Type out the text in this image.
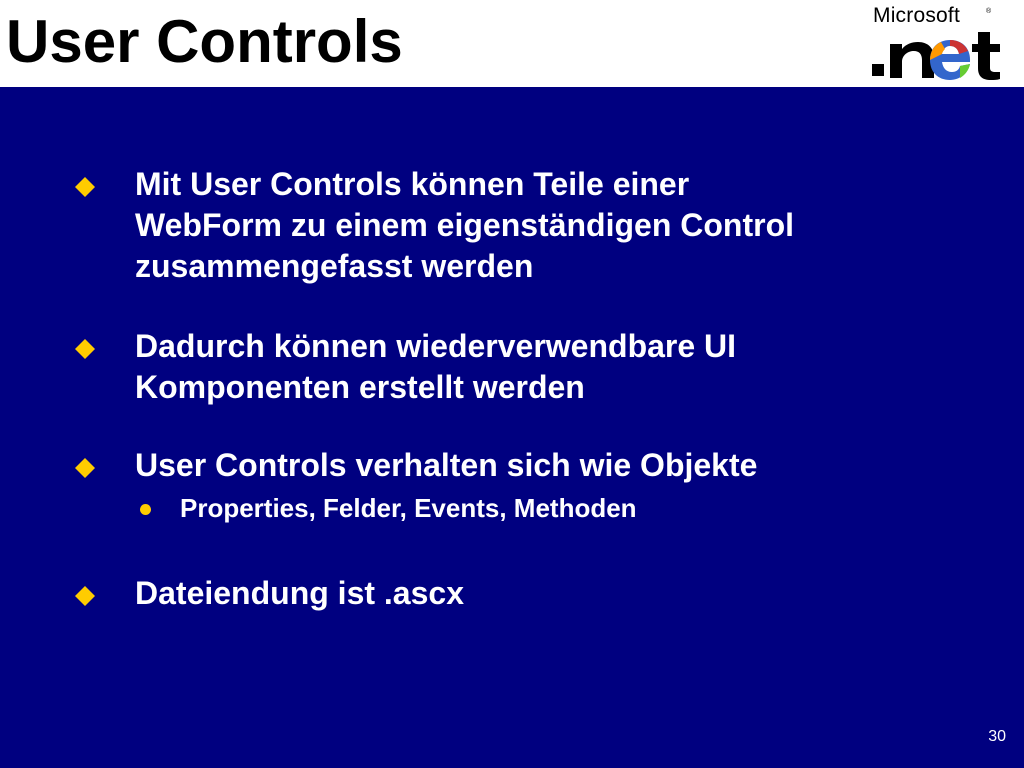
User Controls	Microsoft	®
Mit User Controls können Teile einer
WebForm zu einem eigenständigen Control
zusammengefasst werden
Dadurch können wiederverwendbare UI
Komponenten erstellt werden
User Controls verhalten sich wie Objekte
Properties, Felder, Events, Methoden
Dateiendung ist .ascx
30
